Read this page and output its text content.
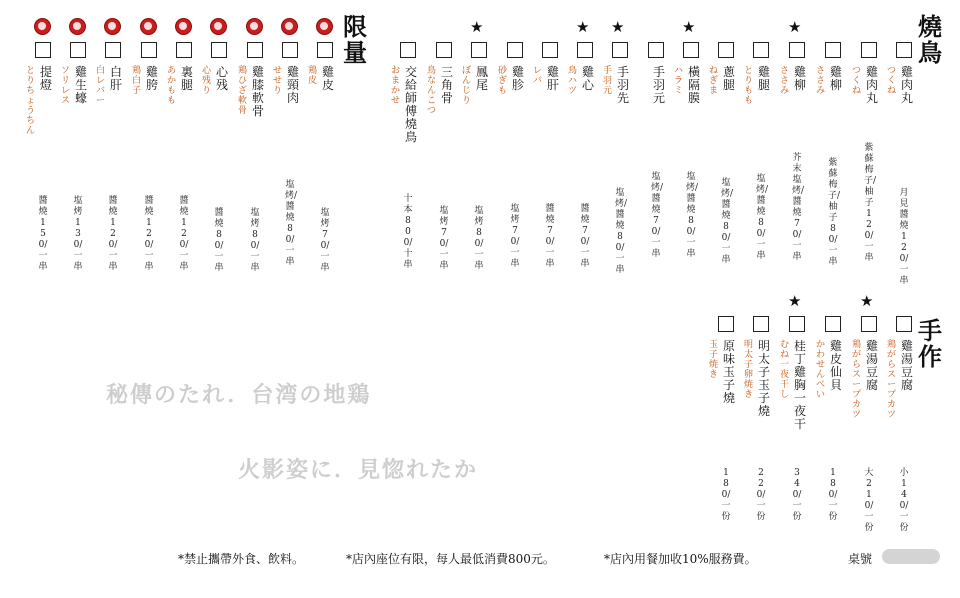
燒鳥
限量
手作
雞肉丸
つくね
月見醬燒120/一串
雞肉丸
つくね
紫蘇梅子/柚子120/一串
雞柳
ささみ
紫蘇梅子/柚子80/一串
★
雞柳
ささみ
芥末塩烤/醬燒70/一串
雞腿
とりもも
塩烤/醬燒80/一串
蔥腿
ねぎま
塩烤/醬燒80/一串
★
橫隔膜
ハラミ
塩烤/醬燒80/一串
手羽元
塩烤/醬燒70/一串
★
手羽先
手羽元
塩烤/醬燒80/一串
★
雞心
鳥ハツ
醬燒70/一串
雞肝
レバ
醬燒70/一串
雞胗
砂ぎも
塩烤70/一串
★
鳳尾
ぼんじり
塩烤80/一串
三角骨
鳥なんこつ
塩烤70/一串
交給師傅燒鳥
おまかせ
十本800/十串
雞皮
鶏皮
塩烤70/一串
雞頸肉
せせり
塩烤/醬燒80/一串
雞膝軟骨
鶏ひざ軟骨
塩烤80/一串
心残
心残り
醬燒80/一串
裏腿
あかもも
醬燒120/一串
雞胯
鶏白子
醬燒120/一串
白肝
白レバー
醬燒120/一串
雞生蠔
ソリレス
塩烤130/一串
提燈
とりちょうちん
醬燒150/一串
雞湯豆腐
鶏がらスープカツ
小140/一份
★
雞湯豆腐
鶏がらスープカツ
大210/一份
雞皮仙貝
かわせんべい
180/一份
★
桂丁雞胸一夜干
むね一夜干し
340/一份
明太子玉子燒
明太子卵焼き
220/一份
原味玉子燒
玉子焼き
180/一份
秘傳のたれ．台湾の地鶏
火影姿に．見惚れたか
*禁止攜帶外食、飲料。	*店內座位有限，每人最低消費800元。	*店內用餐加收10%服務費。	桌號
